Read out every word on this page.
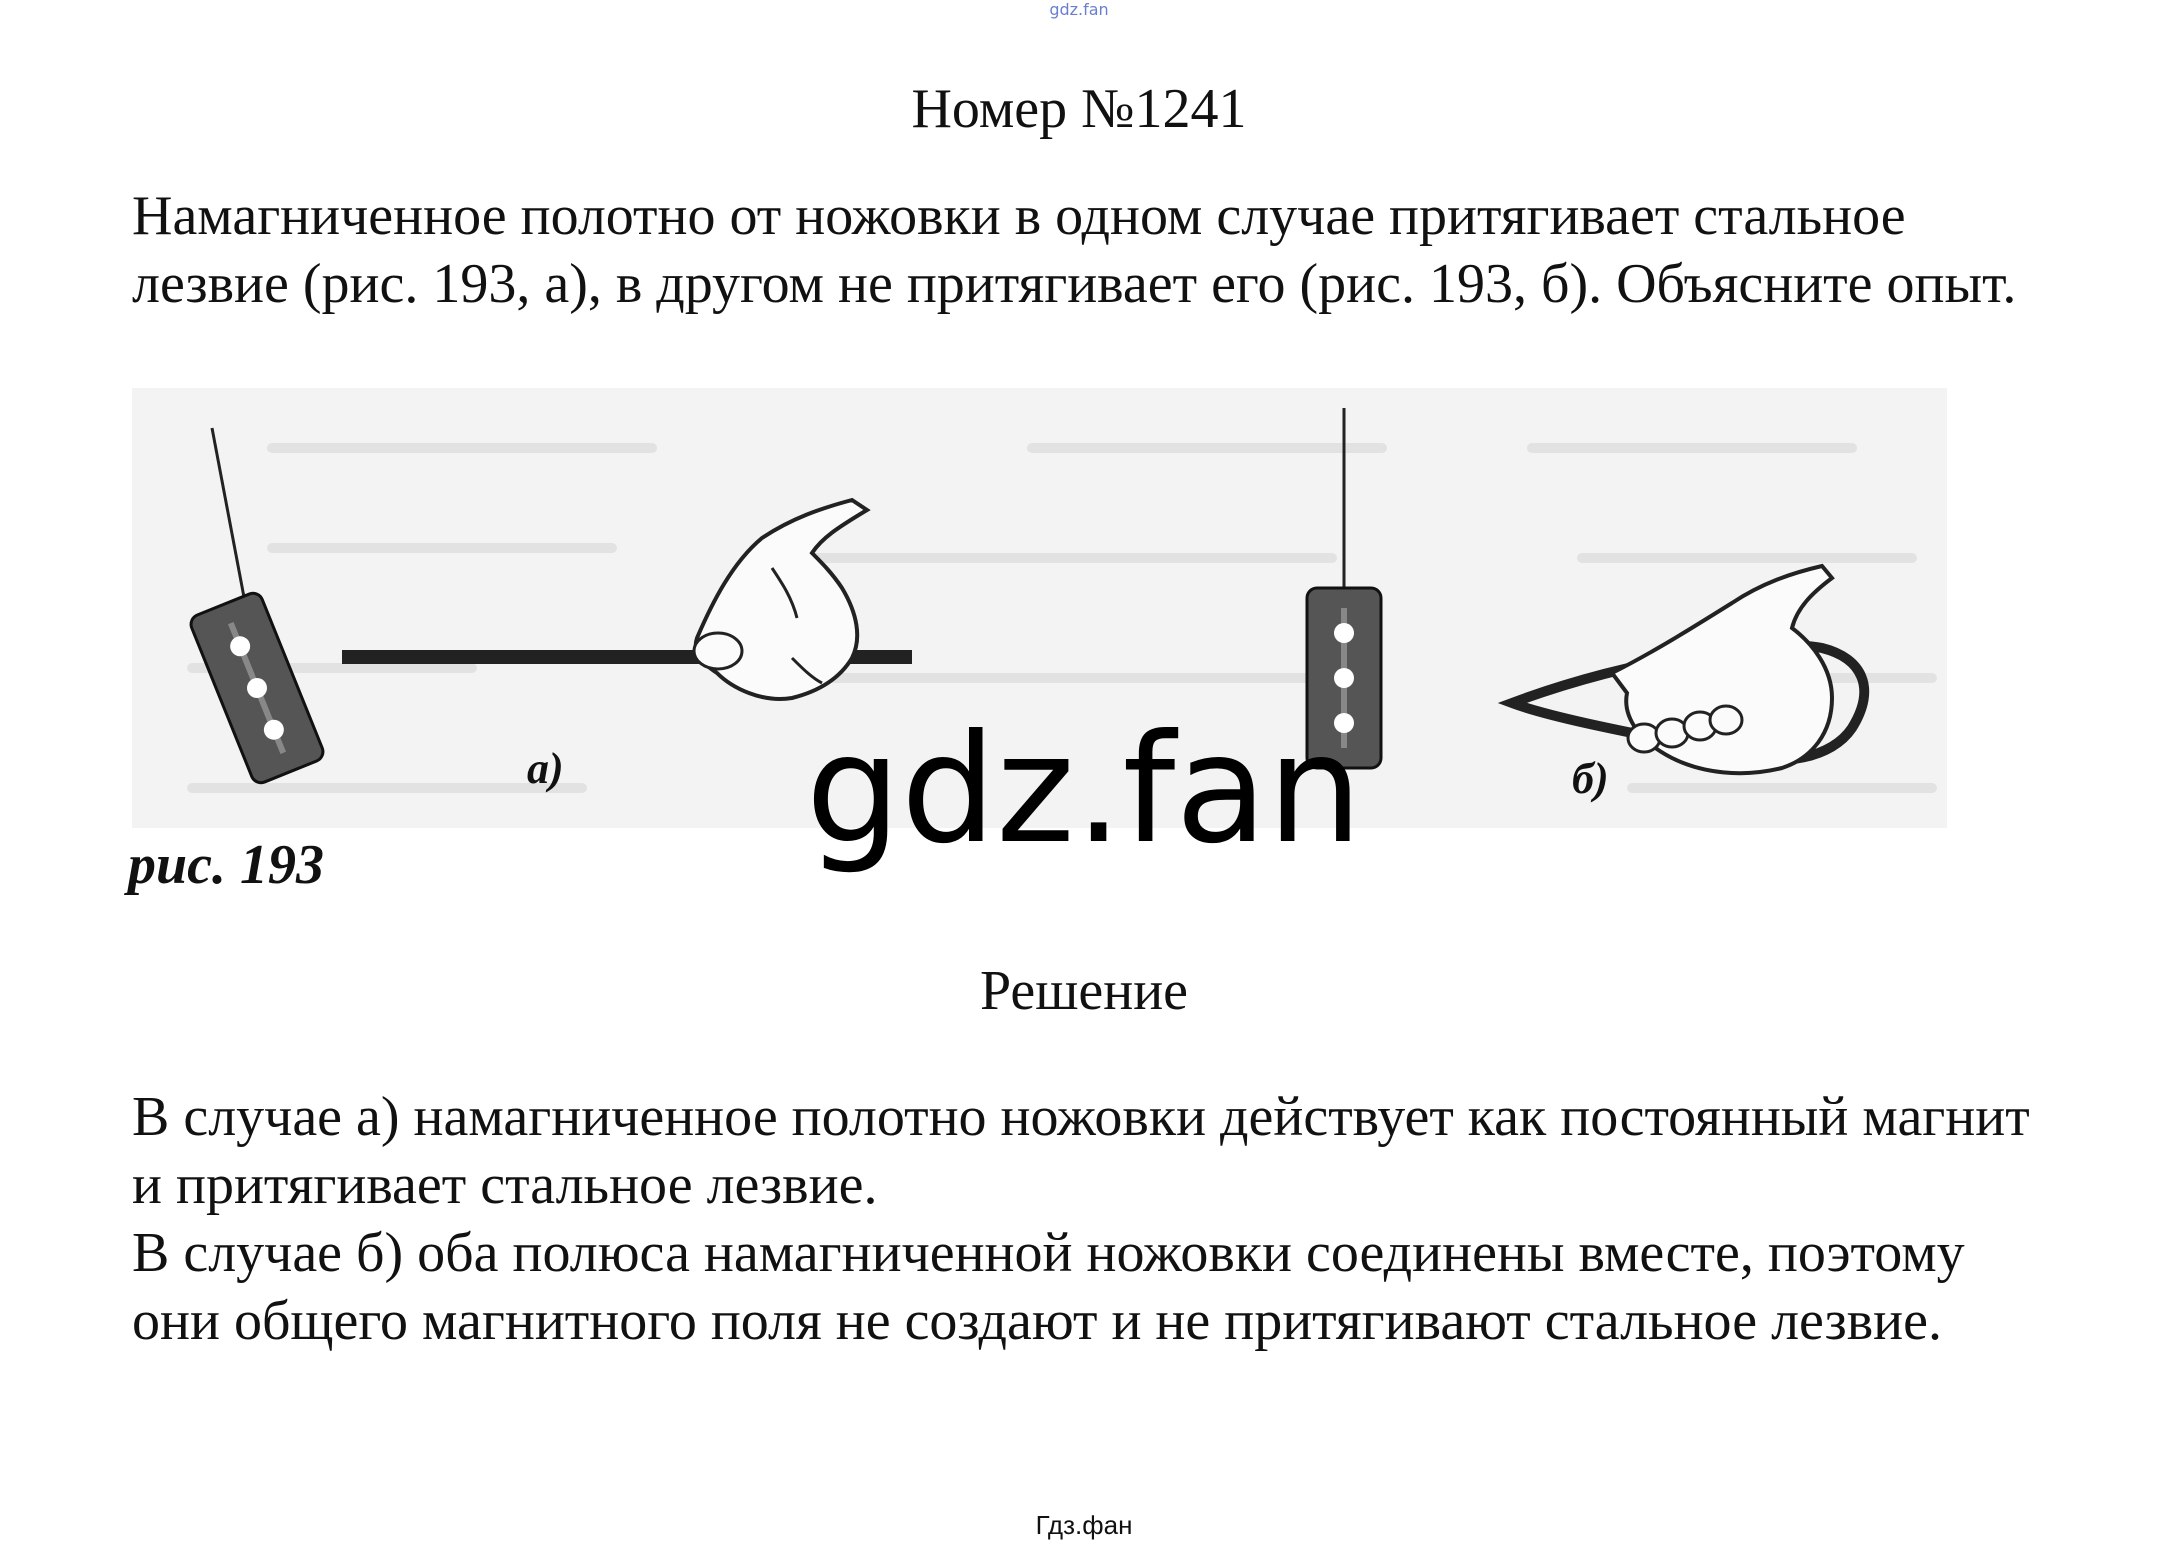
gdz.fan
Номер №1241

Намагниченное полотно от ножовки в одном случае притягивает стальное лезвие (рис. 193, а), в другом не притягивает его (рис. 193, б). Объясните опыт.

а)	б)
рис. 193	gdz.fan
Решение

В случае а) намагниченное полотно ножовки действует как постоянный магнит и притягивает стальное лезвие.

В случае б) оба полюса намагниченной ножовки соединены вместе, поэтому они общего магнитного поля не создают и не притягивают стальное лезвие.

Гдз.фан
